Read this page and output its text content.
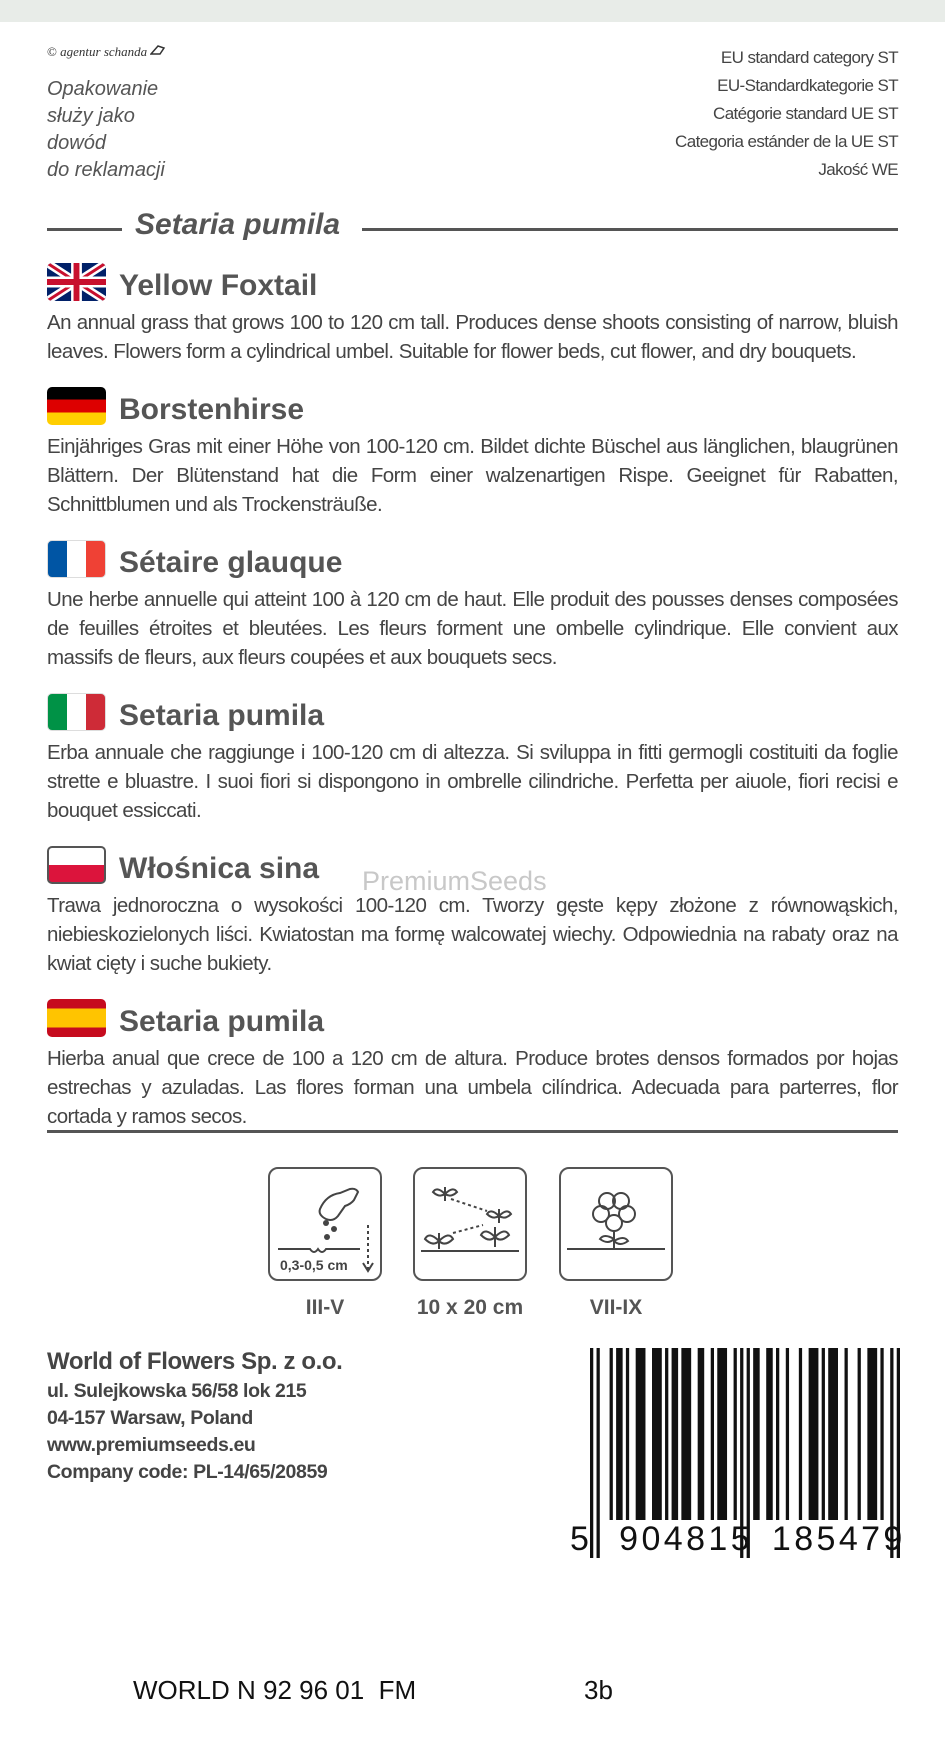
© agentur schanda
Opakowanie
służy jako
dowód
do reklamacji
EU standard category ST
EU-Standardkategorie ST
Catégorie standard UE ST
Categoria estánder de la UE ST
Jakość WE
Setaria pumila
Yellow Foxtail
An annual grass that grows 100 to 120 cm tall. Produces dense shoots consisting of narrow, bluish leaves. Flowers form a cylindrical umbel. Suitable for flower beds, cut flower, and dry bouquets.
Borstenhirse
Einjähriges Gras mit einer Höhe von 100-120 cm. Bildet dichte Büschel aus länglichen, blaugrünen Blättern. Der Blütenstand hat die Form einer walzenartigen Rispe. Geeignet für Rabatten, Schnittblumen und als Trockensträuße.
Sétaire glauque
Une herbe annuelle qui atteint 100 à 120 cm de haut. Elle produit des pousses denses composées de feuilles étroites et bleutées. Les fleurs forment une ombelle cylindrique. Elle convient aux massifs de fleurs, aux fleurs coupées et aux bouquets secs.
Setaria pumila
Erba annuale che raggiunge i 100-120 cm di altezza. Si sviluppa in fitti germogli costituiti da foglie strette e bluastre. I suoi fiori si dispongono in ombrelle cilindriche. Perfetta per aiuole, fiori recisi e bouquet essiccati.
Włośnica sina
Trawa jednoroczna o wysokości 100-120 cm. Tworzy gęste kępy złożone z równowąskich, niebieskozielonych liści. Kwiatostan ma formę walcowatej wiechy. Odpowiednia na rabaty oraz na kwiat cięty i suche bukiety.
PremiumSeeds
Setaria pumila
Hierba anual que crece de 100 a 120 cm de altura. Produce brotes densos formados por hojas estrechas y azuladas. Las flores forman una umbela cilíndrica. Adecuada para parterres, flor cortada y ramos secos.
0,3-0,5 cm
III-V	10 x 20 cm	VII-IX
World of Flowers Sp. z o.o.
ul. Sulejkowska 56/58 lok 215
04-157 Warsaw, Poland
www.premiumseeds.eu
Company code: PL-14/65/20859
5 904815 185479
WORLD N 92 96 01  FM	3b
